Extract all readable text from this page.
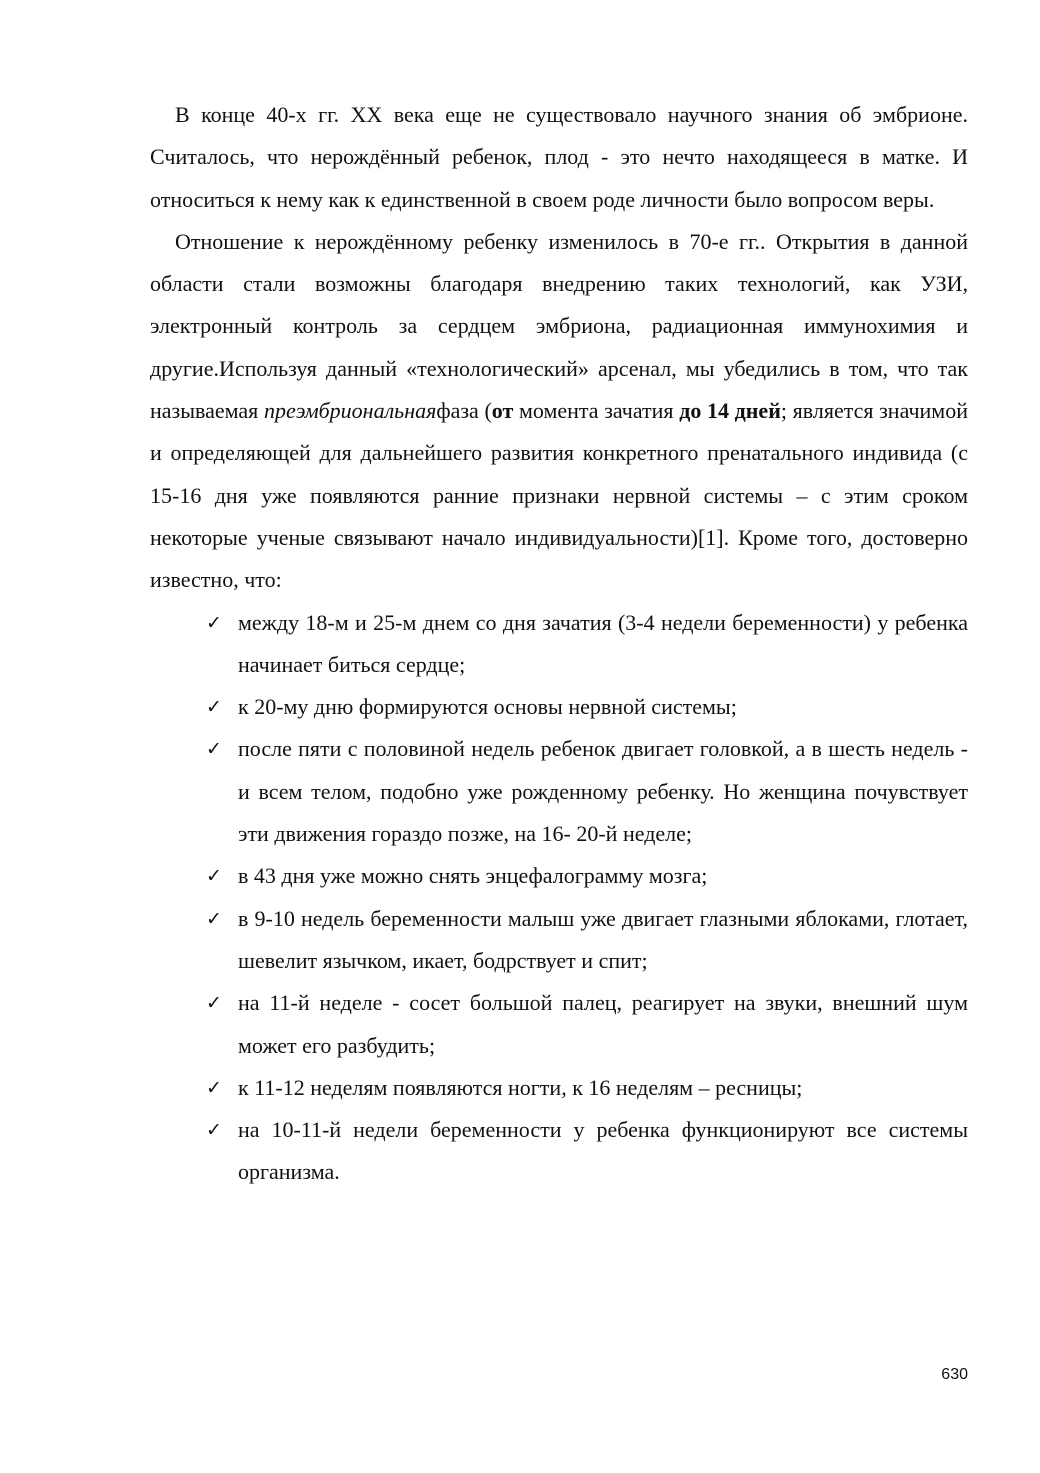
В конце 40-х гг. XX века еще не существовало научного знания об эмбрионе. Считалось, что нерождённый ребенок, плод - это нечто находящееся в матке. И относиться к нему как к единственной в своем роде личности было вопросом веры.

Отношение к нерождённому ребенку изменилось в 70-е гг.. Открытия в данной области стали возможны благодаря внедрению таких технологий, как УЗИ, электронный контроль за сердцем эмбриона, радиационная иммунохимия и другие.Используя данный «технологический» арсенал, мы убедились в том, что так называемая преэмбриональнаяфаза (от момента зачатия до 14 дней; является значимой и определяющей для дальнейшего развития конкретного пренатального индивида (с 15-16 дня уже появляются ранние признаки нервной системы – с этим сроком некоторые ученые связывают начало индивидуальности)[1]. Кроме того, достоверно известно, что:

✓ между 18-м и 25-м днем со дня зачатия (3-4 недели беременности) у ребенка начинает биться сердце;
✓ к 20-му дню формируются основы нервной системы;
✓ после пяти с половиной недель ребенок двигает головкой, а в шесть недель - и всем телом, подобно уже рожденному ребенку. Но женщина почувствует эти движения гораздо позже, на 16- 20-й неделе;
✓ в 43 дня уже можно снять энцефалограмму мозга;
✓ в 9-10 недель беременности малыш уже двигает глазными яблоками, глотает, шевелит язычком, икает, бодрствует и спит;
✓ на 11-й неделе - сосет большой палец, реагирует на звуки, внешний шум может его разбудить;
✓ к 11-12 неделям появляются ногти, к 16 неделям – ресницы;
✓ на 10-11-й недели беременности у ребенка функционируют все системы организма.
630
